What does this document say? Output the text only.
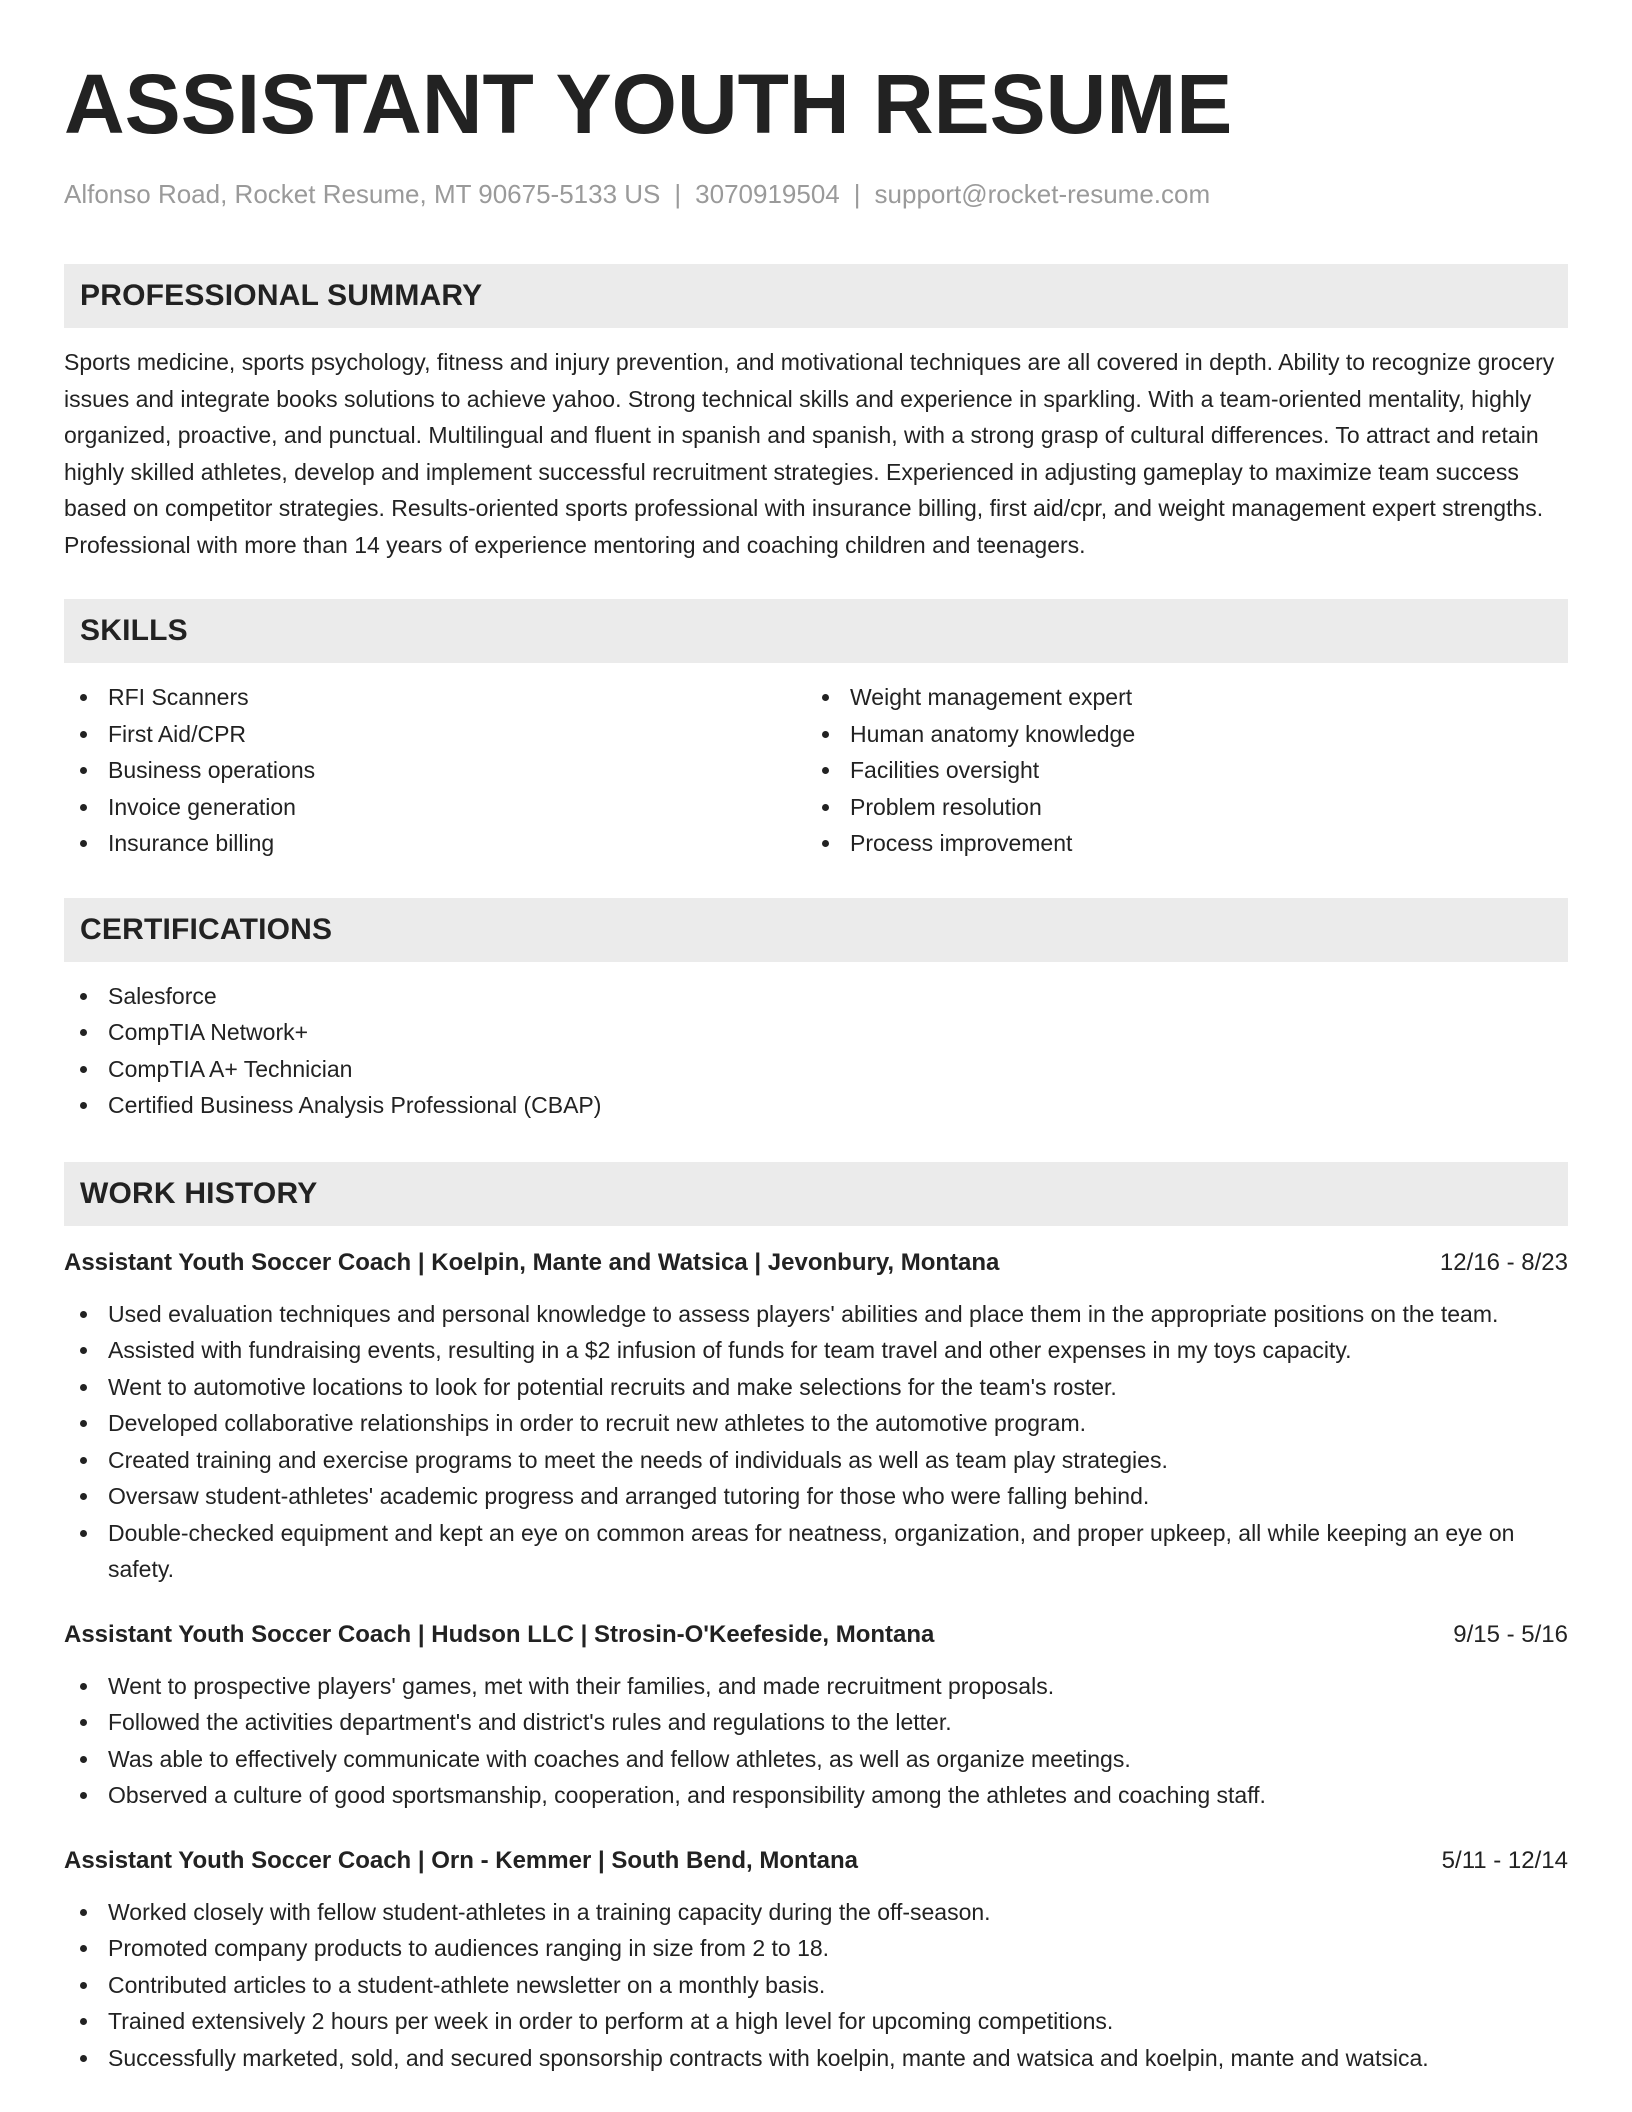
ASSISTANT YOUTH RESUME
Alfonso Road, Rocket Resume, MT 90675-5133 US | 3070919504 | support@rocket-resume.com
PROFESSIONAL SUMMARY

Sports medicine, sports psychology, fitness and injury prevention, and motivational techniques are all covered in depth. Ability to recognize grocery issues and integrate books solutions to achieve yahoo. Strong technical skills and experience in sparkling. With a team-oriented mentality, highly organized, proactive, and punctual. Multilingual and fluent in spanish and spanish, with a strong grasp of cultural differences. To attract and retain highly skilled athletes, develop and implement successful recruitment strategies. Experienced in adjusting gameplay to maximize team success based on competitor strategies. Results-oriented sports professional with insurance billing, first aid/cpr, and weight management expert strengths. Professional with more than 14 years of experience mentoring and coaching children and teenagers.

SKILLS
RFI Scanners
First Aid/CPR
Business operations
Invoice generation
Insurance billing
Weight management expert
Human anatomy knowledge
Facilities oversight
Problem resolution
Process improvement
CERTIFICATIONS
Salesforce
CompTIA Network+
CompTIA A+ Technician
Certified Business Analysis Professional (CBAP)
WORK HISTORY
Assistant Youth Soccer Coach | Koelpin, Mante and Watsica | Jevonbury, Montana	12/16 - 8/23
Used evaluation techniques and personal knowledge to assess players' abilities and place them in the appropriate positions on the team.
Assisted with fundraising events, resulting in a $2 infusion of funds for team travel and other expenses in my toys capacity.
Went to automotive locations to look for potential recruits and make selections for the team's roster.
Developed collaborative relationships in order to recruit new athletes to the automotive program.
Created training and exercise programs to meet the needs of individuals as well as team play strategies.
Oversaw student-athletes' academic progress and arranged tutoring for those who were falling behind.
Double-checked equipment and kept an eye on common areas for neatness, organization, and proper upkeep, all while keeping an eye on safety.
Assistant Youth Soccer Coach | Hudson LLC | Strosin-O'Keefeside, Montana	9/15 - 5/16
Went to prospective players' games, met with their families, and made recruitment proposals.
Followed the activities department's and district's rules and regulations to the letter.
Was able to effectively communicate with coaches and fellow athletes, as well as organize meetings.
Observed a culture of good sportsmanship, cooperation, and responsibility among the athletes and coaching staff.
Assistant Youth Soccer Coach | Orn - Kemmer | South Bend, Montana	5/11 - 12/14
Worked closely with fellow student-athletes in a training capacity during the off-season.
Promoted company products to audiences ranging in size from 2 to 18.
Contributed articles to a student-athlete newsletter on a monthly basis.
Trained extensively 2 hours per week in order to perform at a high level for upcoming competitions.
Successfully marketed, sold, and secured sponsorship contracts with koelpin, mante and watsica and koelpin, mante and watsica.
